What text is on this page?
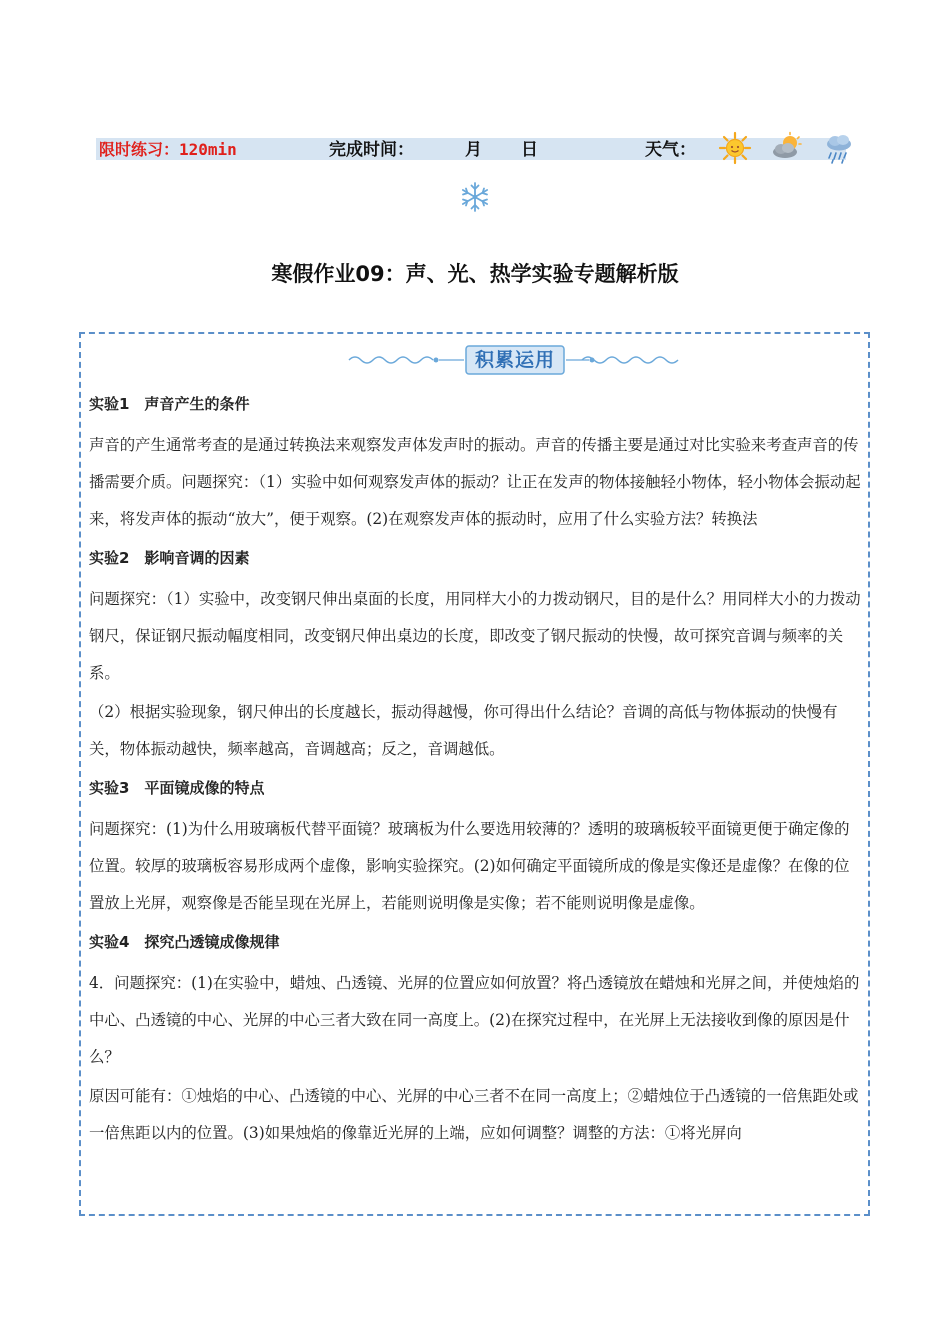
限时练习：120min	完成时间：	月 日	天气：
寒假作业09：声、光、热学实验专题解析版
积累运用
实验1　声音产生的条件

声音的产生通常考查的是通过转换法来观察发声体发声时的振动。声音的传播主要是通过对比实验来考查声音的传播需要介质。问题探究：（1）实验中如何观察发声体的振动？让正在发声的物体接触轻小物体，轻小物体会振动起来，将发声体的振动“放大”，便于观察。(2)在观察发声体的振动时，应用了什么实验方法？转换法

实验2　影响音调的因素

问题探究：（1）实验中，改变钢尺伸出桌面的长度，用同样大小的力拨动钢尺，目的是什么？用同样大小的力拨动钢尺，保证钢尺振动幅度相同，改变钢尺伸出桌边的长度，即改变了钢尺振动的快慢，故可探究音调与频率的关系。

（2）根据实验现象，钢尺伸出的长度越长，振动得越慢，你可得出什么结论？音调的高低与物体振动的快慢有关，物体振动越快，频率越高，音调越高；反之，音调越低。

实验3　平面镜成像的特点

问题探究：(1)为什么用玻璃板代替平面镜？玻璃板为什么要选用较薄的？透明的玻璃板较平面镜更便于确定像的位置。较厚的玻璃板容易形成两个虚像，影响实验探究。(2)如何确定平面镜所成的像是实像还是虚像？在像的位置放上光屏，观察像是否能呈现在光屏上，若能则说明像是实像；若不能则说明像是虚像。

实验4　探究凸透镜成像规律

4．问题探究：(1)在实验中，蜡烛、凸透镜、光屏的位置应如何放置？将凸透镜放在蜡烛和光屏之间，并使烛焰的中心、凸透镜的中心、光屏的中心三者大致在同一高度上。(2)在探究过程中，在光屏上无法接收到像的原因是什么？

原因可能有：①烛焰的中心、凸透镜的中心、光屏的中心三者不在同一高度上；②蜡烛位于凸透镜的一倍焦距处或一倍焦距以内的位置。(3)如果烛焰的像靠近光屏的上端，应如何调整？调整的方法：①将光屏向
